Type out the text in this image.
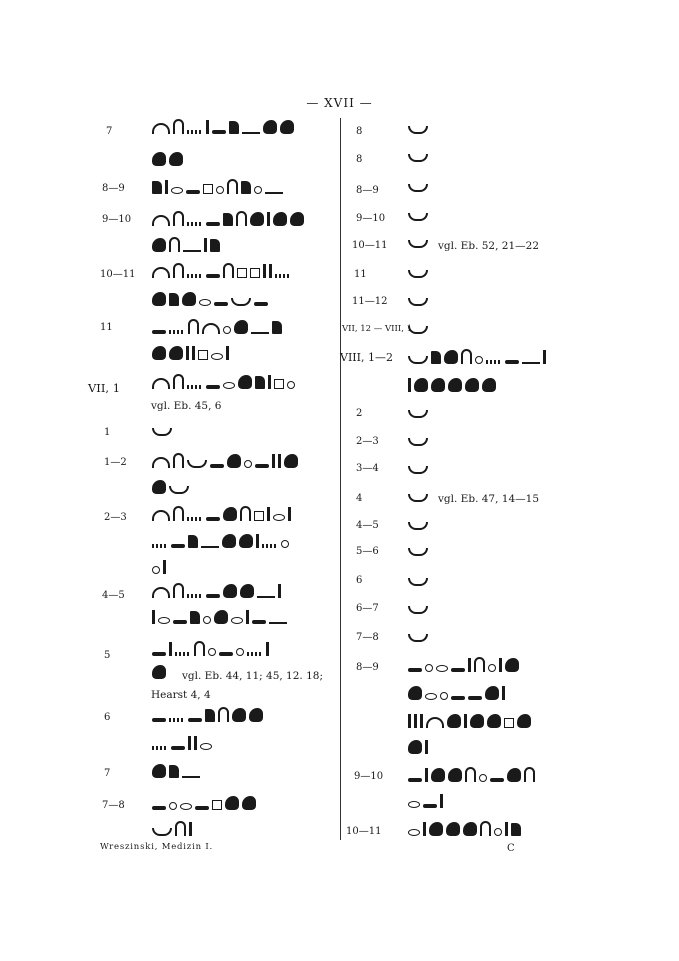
— XVII —
7
8—9
9—10
10—11
11
VII, 1
vgl. Eb. 45, 6
1
1—2
2—3
4—5
5
vgl. Eb. 44, 11; 45, 12. 18;
Hearst 4, 4
6
7
7—8
8
8
8—9
9—10
10—11	vgl. Eb. 52, 21—22
11
11—12
VII, 12 — VIII, 1
VIII, 1—2
2
2—3
3—4
4	vgl. Eb. 47, 14—15
4—5
5—6
6
6—7
7—8
8—9
9—10
10—11
Wreszinski, Medizin I.	C
